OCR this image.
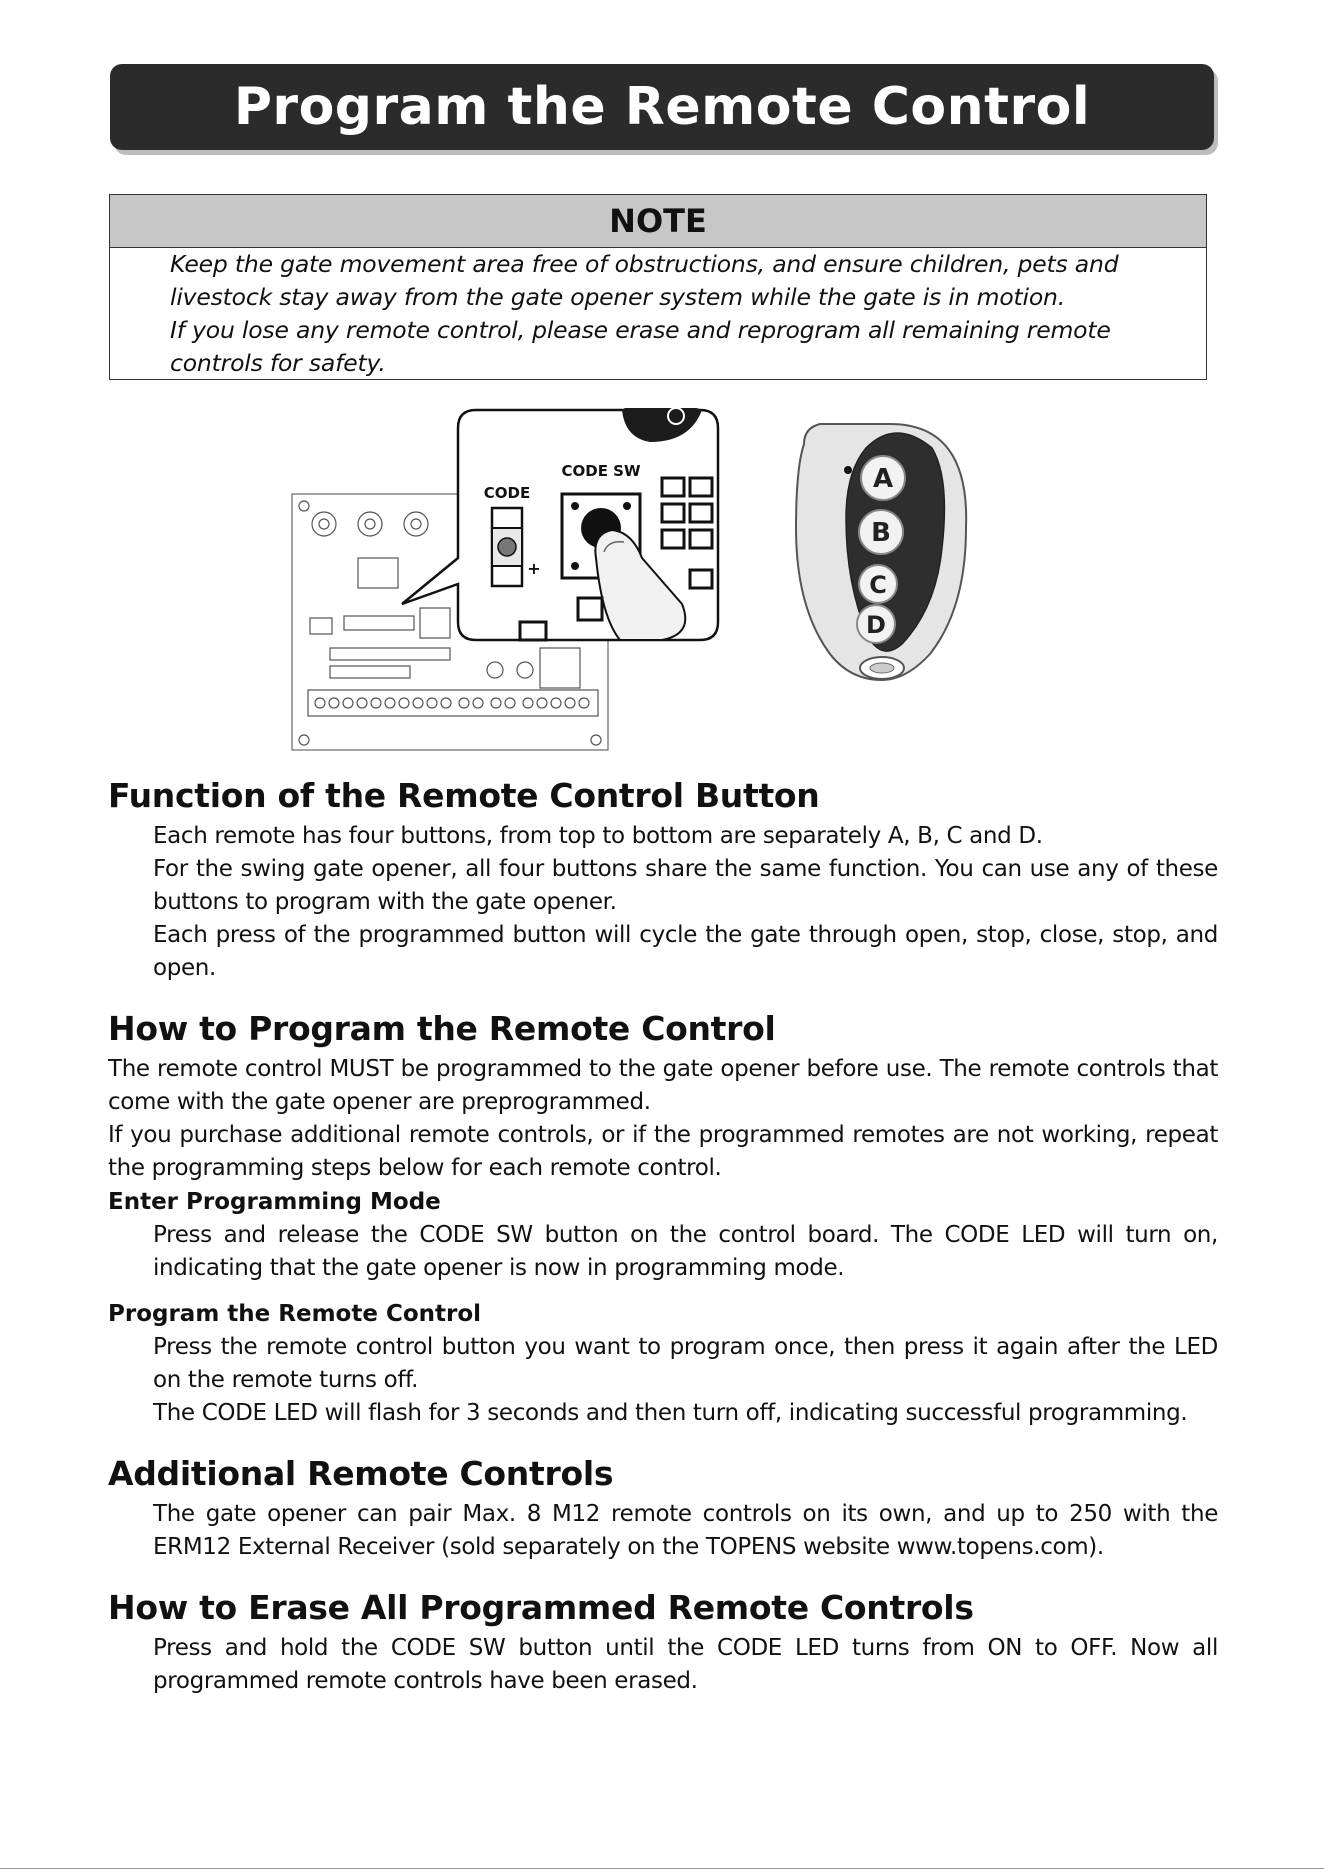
Program the Remote Control
NOTE

Keep the gate movement area free of obstructions, and ensure children, pets and livestock stay away from the gate opener system while the gate is in motion.

If you lose any remote control, please erase and reprogram all remaining remote controls for safety.

CODE
CODE SW
+
A
B
C
D
Function of the Remote Control Button

Each remote has four buttons, from top to bottom are separately A, B, C and D.

For the swing gate opener, all four buttons share the same function. You can use any of these buttons to program with the gate opener.

Each press of the programmed button will cycle the gate through open, stop, close, stop, and open.

How to Program the Remote Control

The remote control MUST be programmed to the gate opener before use. The remote controls that come with the gate opener are preprogrammed.

If you purchase additional remote controls, or if the programmed remotes are not working, repeat the programming steps below for each remote control.

Enter Programming Mode

Press and release the CODE SW button on the control board. The CODE LED will turn on, indicating that the gate opener is now in programming mode.

Program the Remote Control

Press the remote control button you want to program once, then press it again after the LED on the remote turns off.

The CODE LED will flash for 3 seconds and then turn off, indicating successful programming.

Additional Remote Controls

The gate opener can pair Max. 8 M12 remote controls on its own, and up to 250 with the ERM12 External Receiver (sold separately on the TOPENS website www.topens.com).

How to Erase All Programmed Remote Controls

Press and hold the CODE SW button until the CODE LED turns from ON to OFF. Now all programmed remote controls have been erased.
